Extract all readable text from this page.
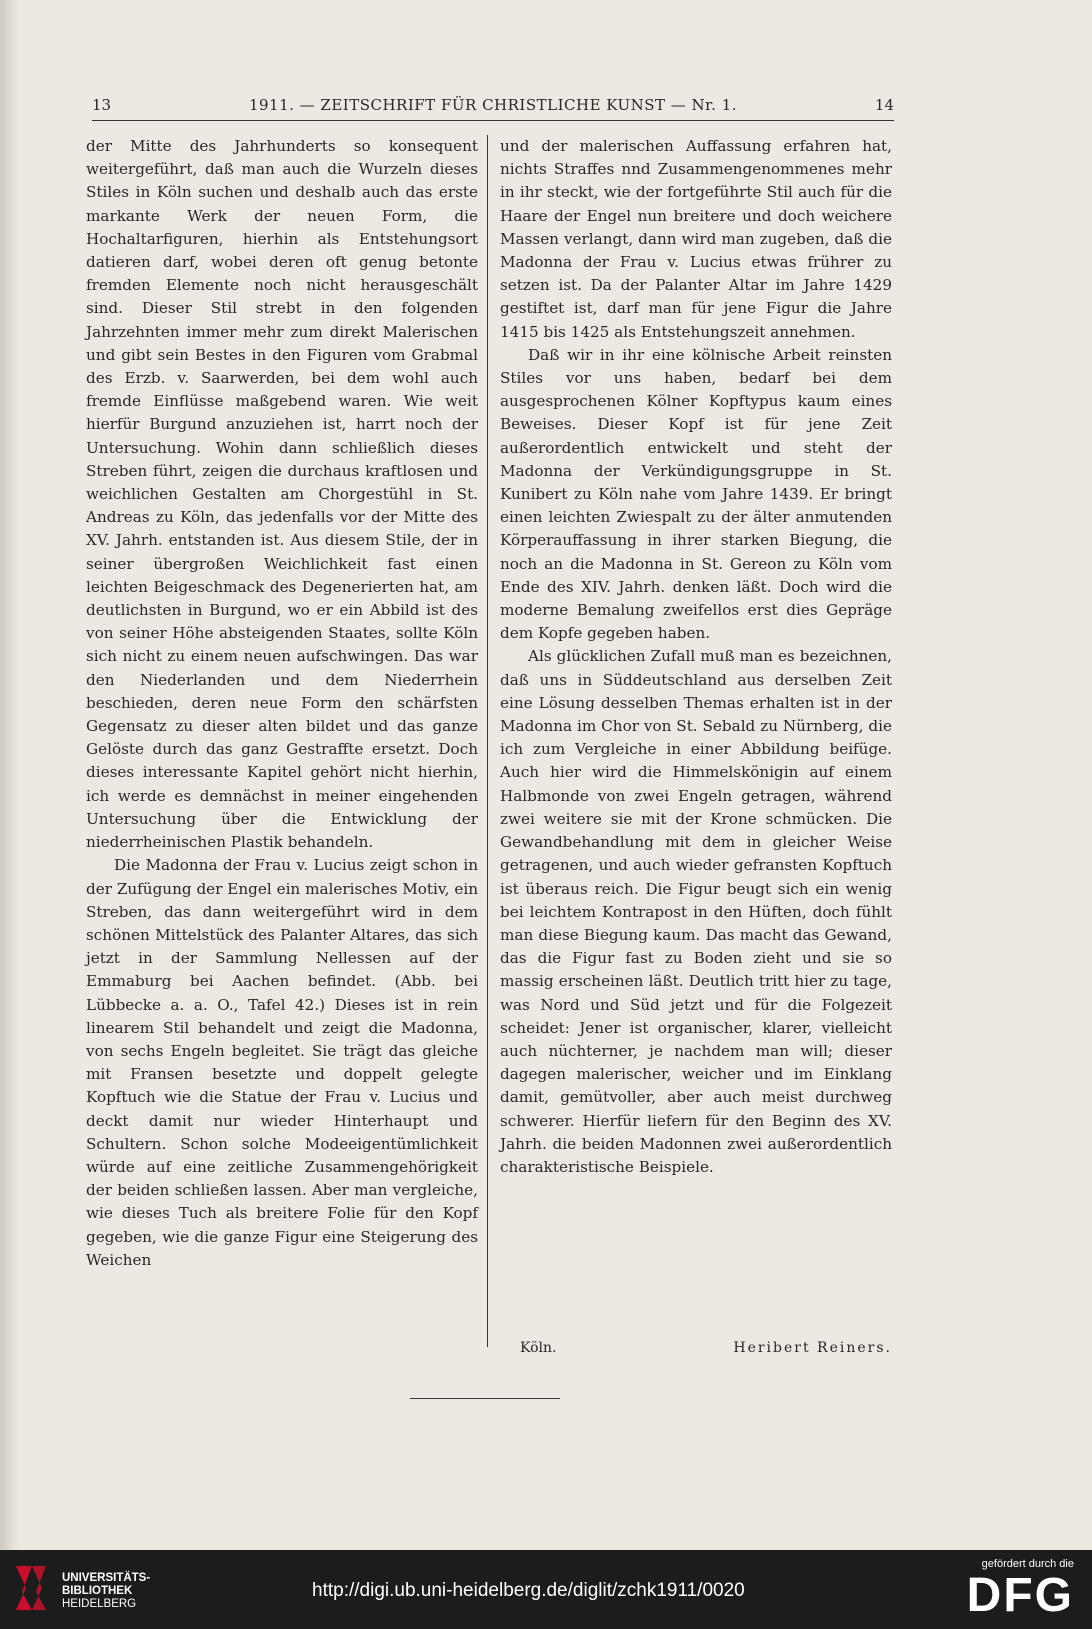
13	1911. — ZEITSCHRIFT FÜR CHRISTLICHE KUNST — Nr. 1.	14

der Mitte des Jahrhunderts so konsequent weitergeführt, daß man auch die Wurzeln dieses Stiles in Köln suchen und deshalb auch das erste markante Werk der neuen Form, die Hochaltarfiguren, hierhin als Entstehungsort datieren darf, wobei deren oft genug betonte fremden Elemente noch nicht herausgeschält sind. Dieser Stil strebt in den folgenden Jahrzehnten immer mehr zum direkt Malerischen und gibt sein Bestes in den Figuren vom Grabmal des Erzb. v. Saarwerden, bei dem wohl auch fremde Einflüsse maßgebend waren. Wie weit hierfür Burgund anzuziehen ist, harrt noch der Untersuchung. Wohin dann schließlich dieses Streben führt, zeigen die durchaus kraftlosen und weichlichen Gestalten am Chorgestühl in St. Andreas zu Köln, das jedenfalls vor der Mitte des XV. Jahrh. entstanden ist. Aus diesem Stile, der in seiner übergroßen Weichlichkeit fast einen leichten Beigeschmack des Degenerierten hat, am deutlichsten in Burgund, wo er ein Abbild ist des von seiner Höhe absteigenden Staates, sollte Köln sich nicht zu einem neuen aufschwingen. Das war den Niederlanden und dem Niederrhein beschieden, deren neue Form den schärfsten Gegensatz zu dieser alten bildet und das ganze Gelöste durch das ganz Gestraffte ersetzt. Doch dieses interessante Kapitel gehört nicht hierhin, ich werde es demnächst in meiner eingehenden Untersuchung über die Entwicklung der niederrheinischen Plastik behandeln.

Die Madonna der Frau v. Lucius zeigt schon in der Zufügung der Engel ein malerisches Motiv, ein Streben, das dann weitergeführt wird in dem schönen Mittelstück des Palanter Altares, das sich jetzt in der Sammlung Nellessen auf der Emmaburg bei Aachen befindet. (Abb. bei Lübbecke a. a. O., Tafel 42.) Dieses ist in rein linearem Stil behandelt und zeigt die Madonna, von sechs Engeln begleitet. Sie trägt das gleiche mit Fransen besetzte und doppelt gelegte Kopftuch wie die Statue der Frau v. Lucius und deckt damit nur wieder Hinterhaupt und Schultern. Schon solche Modeeigentümlichkeit würde auf eine zeitliche Zusammengehörigkeit der beiden schließen lassen. Aber man vergleiche, wie dieses Tuch als breitere Folie für den Kopf gegeben, wie die ganze Figur eine Steigerung des Weichen

und der malerischen Auffassung erfahren hat, nichts Straffes nnd Zusammengenommenes mehr in ihr steckt, wie der fortgeführte Stil auch für die Haare der Engel nun breitere und doch weichere Massen verlangt, dann wird man zugeben, daß die Madonna der Frau v. Lucius etwas frührer zu setzen ist. Da der Palanter Altar im Jahre 1429 gestiftet ist, darf man für jene Figur die Jahre 1415 bis 1425 als Entstehungszeit annehmen.

Daß wir in ihr eine kölnische Arbeit reinsten Stiles vor uns haben, bedarf bei dem ausgesprochenen Kölner Kopftypus kaum eines Beweises. Dieser Kopf ist für jene Zeit außerordentlich entwickelt und steht der Madonna der Verkündigungsgruppe in St. Kunibert zu Köln nahe vom Jahre 1439. Er bringt einen leichten Zwiespalt zu der älter anmutenden Körperauffassung in ihrer starken Biegung, die noch an die Madonna in St. Gereon zu Köln vom Ende des XIV. Jahrh. denken läßt. Doch wird die moderne Bemalung zweifellos erst dies Gepräge dem Kopfe gegeben haben.

Als glücklichen Zufall muß man es bezeichnen, daß uns in Süddeutschland aus derselben Zeit eine Lösung desselben Themas erhalten ist in der Madonna im Chor von St. Sebald zu Nürnberg, die ich zum Vergleiche in einer Abbildung beifüge. Auch hier wird die Himmelskönigin auf einem Halbmonde von zwei Engeln getragen, während zwei weitere sie mit der Krone schmücken. Die Gewandbehandlung mit dem in gleicher Weise getragenen, und auch wieder gefransten Kopftuch ist überaus reich. Die Figur beugt sich ein wenig bei leichtem Kontrapost in den Hüften, doch fühlt man diese Biegung kaum. Das macht das Gewand, das die Figur fast zu Boden zieht und sie so massig erscheinen läßt. Deutlich tritt hier zu tage, was Nord und Süd jetzt und für die Folgezeit scheidet: Jener ist organischer, klarer, vielleicht auch nüchterner, je nachdem man will; dieser dagegen malerischer, weicher und im Einklang damit, gemütvoller, aber auch meist durchweg schwerer. Hierfür liefern für den Beginn des XV. Jahrh. die beiden Madonnen zwei außerordentlich charakteristische Beispiele.

Köln.	Heribert Reiners.
UNIVERSITÄTS-
BIBLIOTHEK
HEIDELBERG
http://digi.ub.uni-heidelberg.de/diglit/zchk1911/0020
gefördert durch die
DFG
